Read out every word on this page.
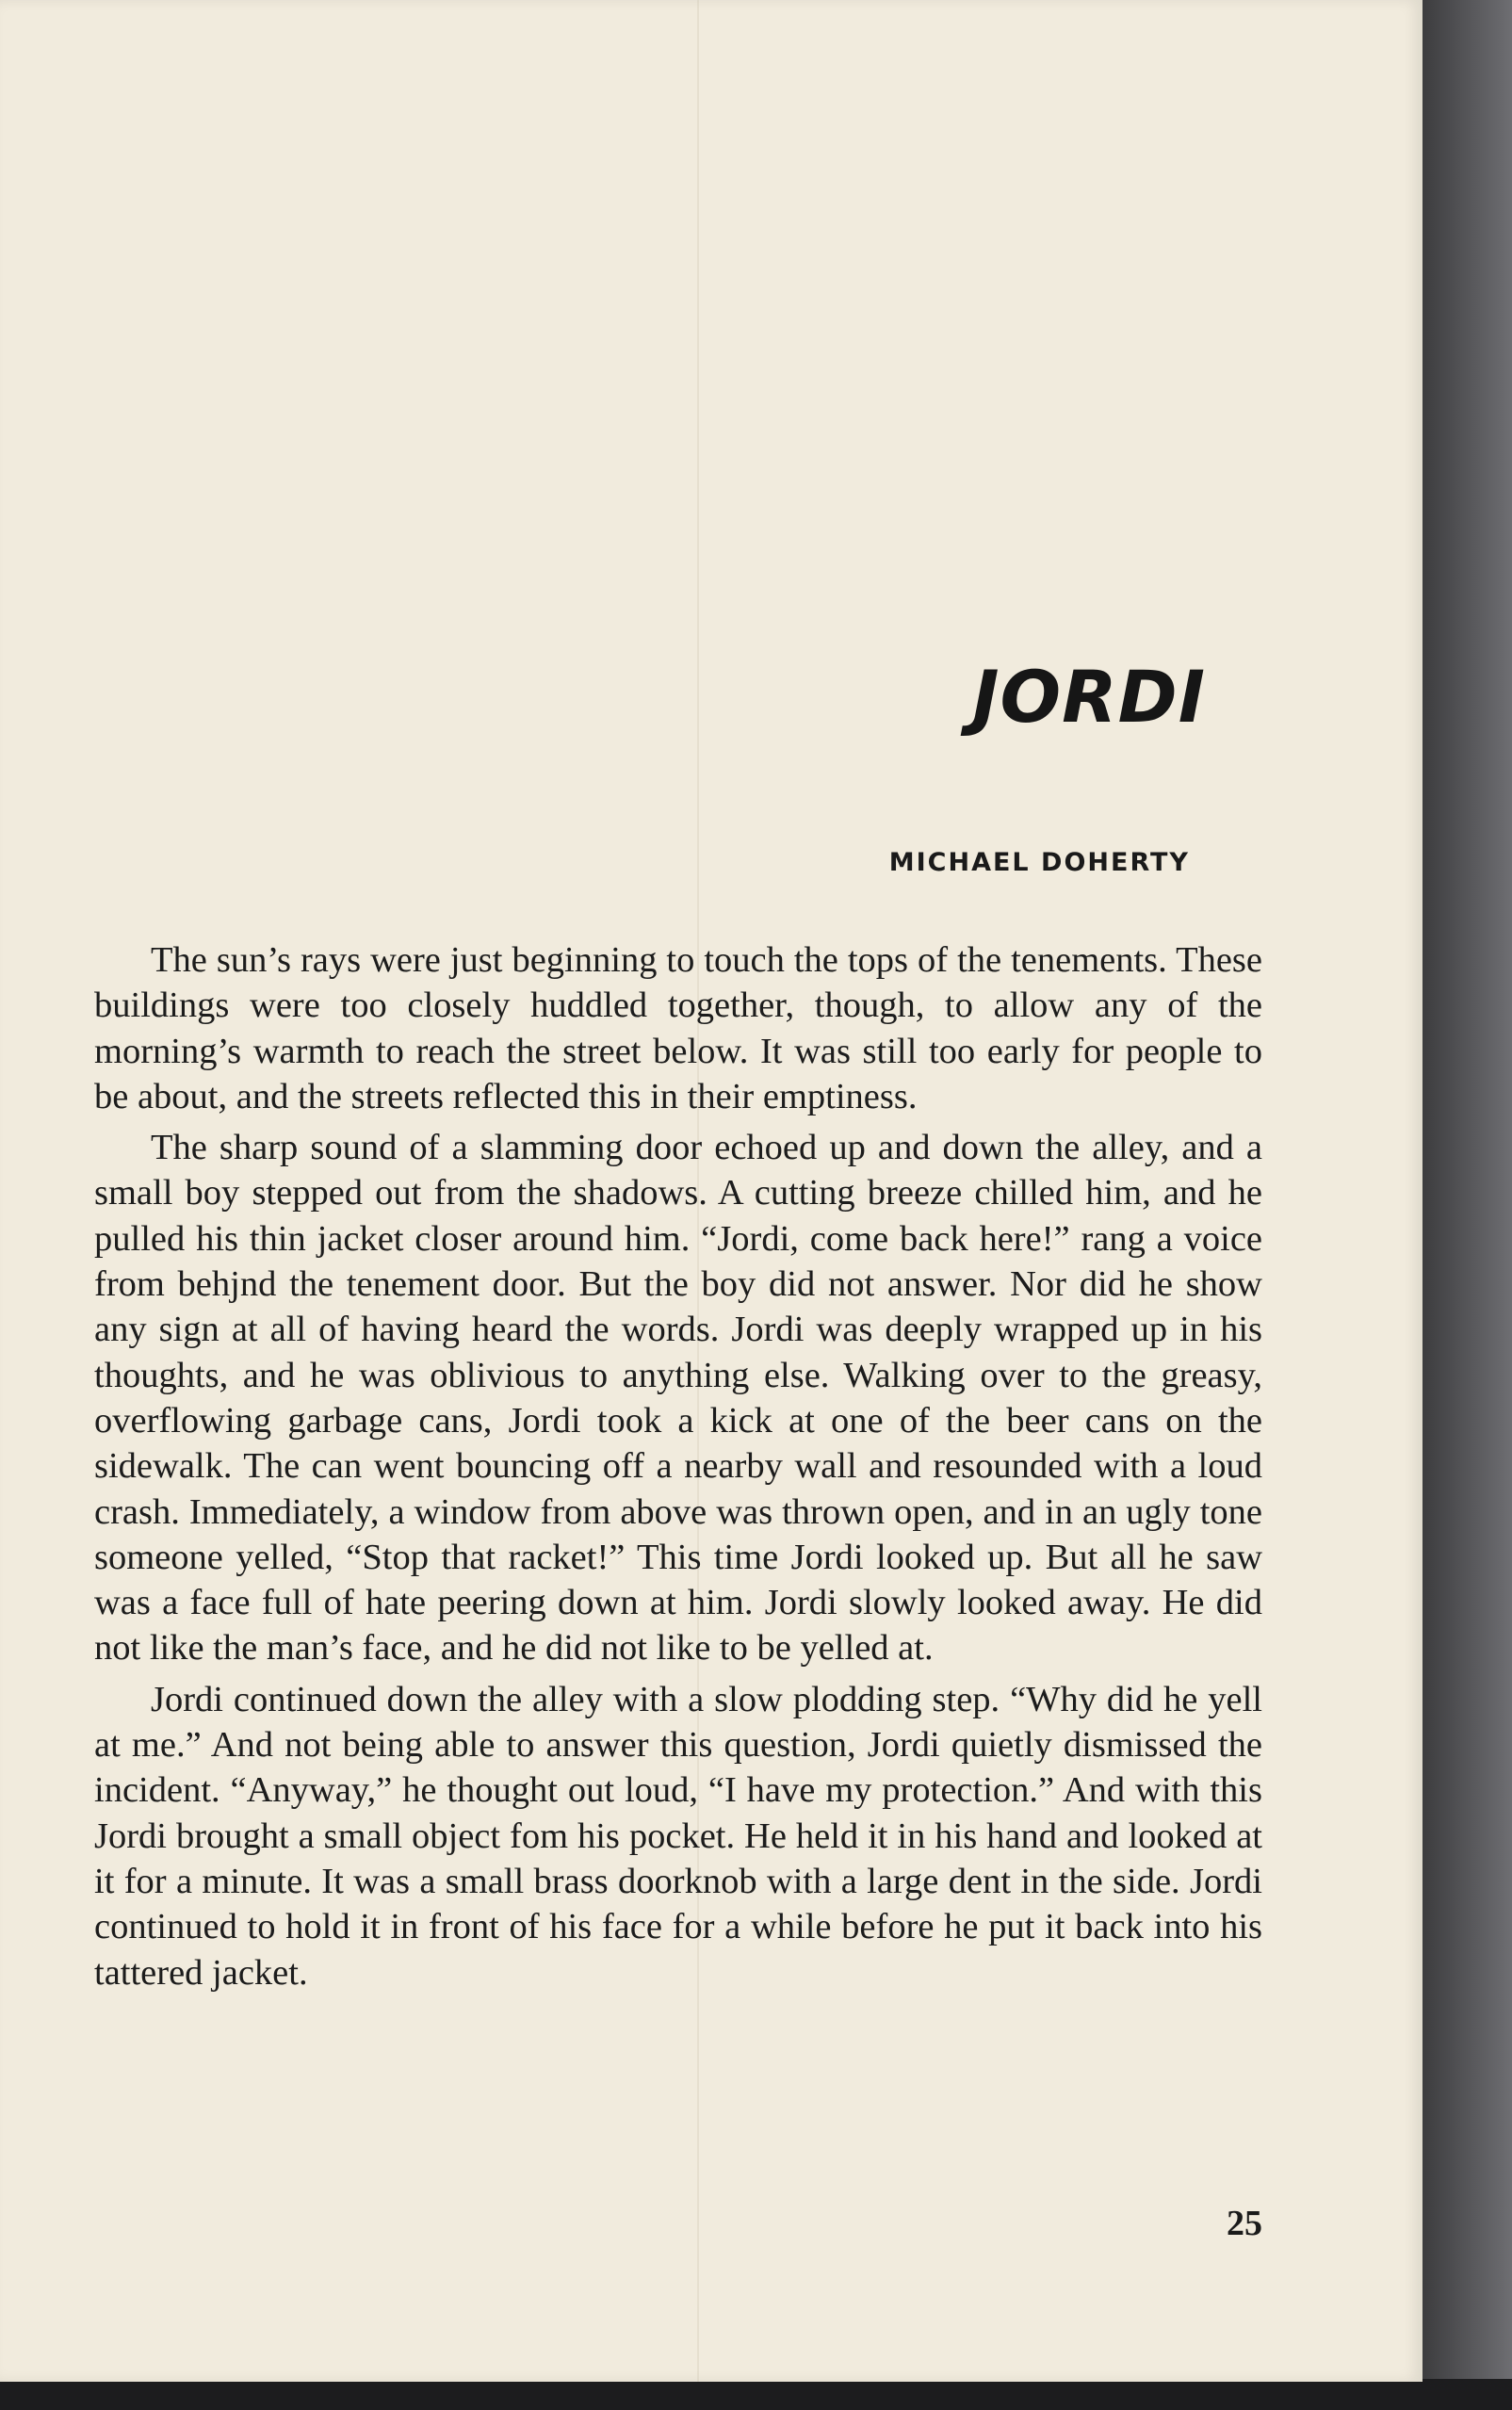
JORDI
MICHAEL DOHERTY

The sun’s rays were just beginning to touch the tops of the tenements. These buildings were too closely huddled together, though, to allow any of the morning’s warmth to reach the street below. It was still too early for people to be about, and the streets reflected this in their emptiness.

The sharp sound of a slamming door echoed up and down the alley, and a small boy stepped out from the shadows. A cutting breeze chilled him, and he pulled his thin jacket closer around him. “Jordi, come back here!” rang a voice from behjnd the tenement door. But the boy did not answer. Nor did he show any sign at all of having heard the words. Jordi was deeply wrapped up in his thoughts, and he was oblivious to anything else. Walking over to the greasy, overflowing garbage cans, Jordi took a kick at one of the beer cans on the sidewalk. The can went bouncing off a nearby wall and resounded with a loud crash. Immediately, a window from above was thrown open, and in an ugly tone someone yelled, “Stop that racket!” This time Jordi looked up. But all he saw was a face full of hate peering down at him. Jordi slowly looked away. He did not like the man’s face, and he did not like to be yelled at.

Jordi continued down the alley with a slow plodding step. “Why did he yell at me.” And not being able to answer this question, Jordi quietly dismissed the incident. “Anyway,” he thought out loud, “I have my protection.” And with this Jordi brought a small object fom his pocket. He held it in his hand and looked at it for a minute. It was a small brass doorknob with a large dent in the side. Jordi continued to hold it in front of his face for a while before he put it back into his tattered jacket.

25
